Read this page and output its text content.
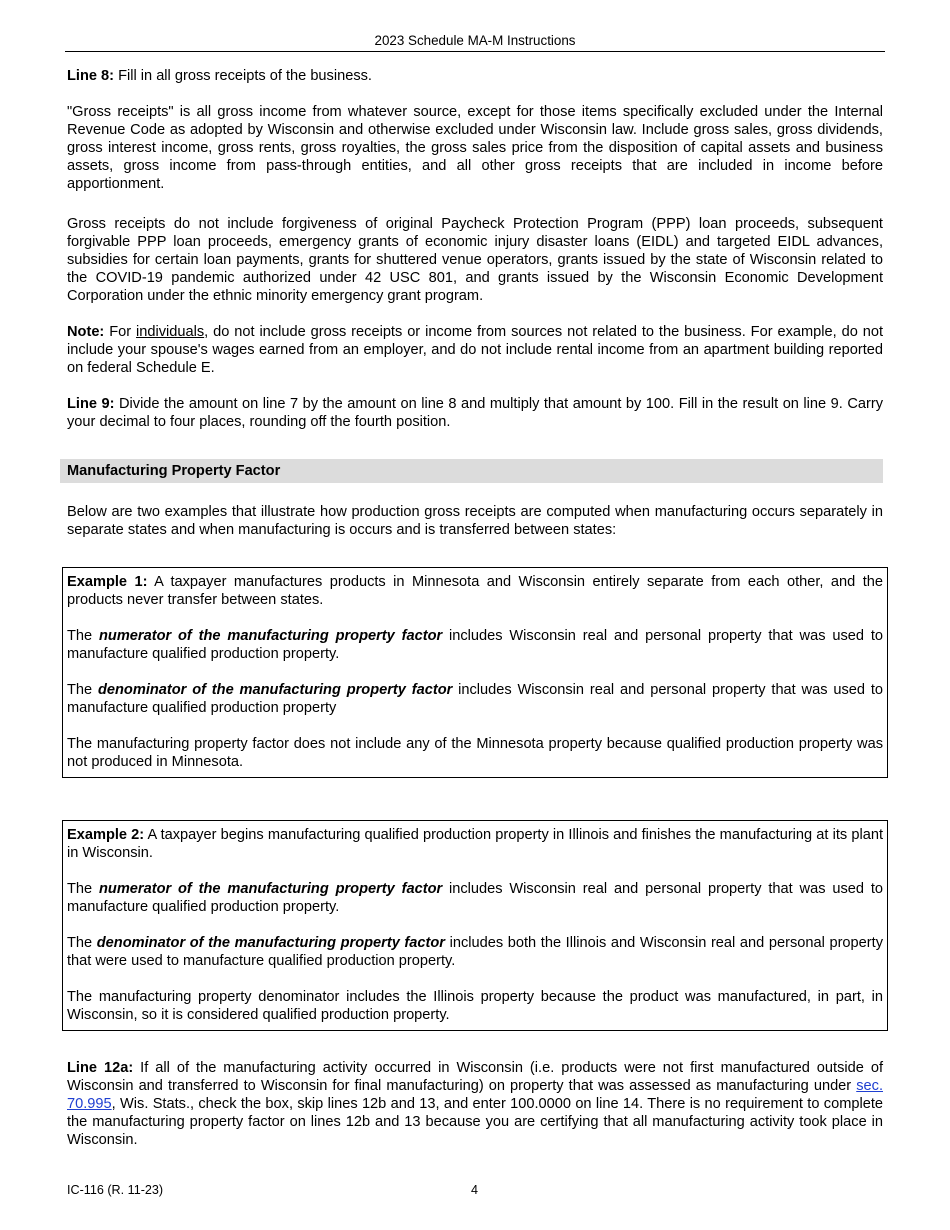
2023 Schedule MA-M Instructions

Line 8: Fill in all gross receipts of the business.

"Gross receipts" is all gross income from whatever source, except for those items specifically excluded under the Internal Revenue Code as adopted by Wisconsin and otherwise excluded under Wisconsin law. Include gross sales, gross dividends, gross interest income, gross rents, gross royalties, the gross sales price from the disposition of capital assets and business assets, gross income from pass-through entities, and all other gross receipts that are included in income before apportionment.

Gross receipts do not include forgiveness of original Paycheck Protection Program (PPP) loan proceeds, subsequent forgivable PPP loan proceeds, emergency grants of economic injury disaster loans (EIDL) and targeted EIDL advances, subsidies for certain loan payments, grants for shuttered venue operators, grants issued by the state of Wisconsin related to the COVID-19 pandemic authorized under 42 USC 801, and grants issued by the Wisconsin Economic Development Corporation under the ethnic minority emergency grant program.

Note: For individuals, do not include gross receipts or income from sources not related to the business. For example, do not include your spouse's wages earned from an employer, and do not include rental income from an apartment building reported on federal Schedule E.

Line 9: Divide the amount on line 7 by the amount on line 8 and multiply that amount by 100. Fill in the result on line 9. Carry your decimal to four places, rounding off the fourth position.

Manufacturing Property Factor

Below are two examples that illustrate how production gross receipts are computed when manufacturing occurs separately in separate states and when manufacturing is occurs and is transferred between states:

Example 1: A taxpayer manufactures products in Minnesota and Wisconsin entirely separate from each other, and the products never transfer between states.

The numerator of the manufacturing property factor includes Wisconsin real and personal property that was used to manufacture qualified production property.

The denominator of the manufacturing property factor includes Wisconsin real and personal property that was used to manufacture qualified production property

The manufacturing property factor does not include any of the Minnesota property because qualified production property was not produced in Minnesota.

Example 2: A taxpayer begins manufacturing qualified production property in Illinois and finishes the manufacturing at its plant in Wisconsin.

The numerator of the manufacturing property factor includes Wisconsin real and personal property that was used to manufacture qualified production property.

The denominator of the manufacturing property factor includes both the Illinois and Wisconsin real and personal property that were used to manufacture qualified production property.

The manufacturing property denominator includes the Illinois property because the product was manufactured, in part, in Wisconsin, so it is considered qualified production property.

Line 12a: If all of the manufacturing activity occurred in Wisconsin (i.e. products were not first manufactured outside of Wisconsin and transferred to Wisconsin for final manufacturing) on property that was assessed as manufacturing under sec. 70.995, Wis. Stats., check the box, skip lines 12b and 13, and enter 100.0000 on line 14. There is no requirement to complete the manufacturing property factor on lines 12b and 13 because you are certifying that all manufacturing activity took place in Wisconsin.

IC-116 (R. 11-23)	4
